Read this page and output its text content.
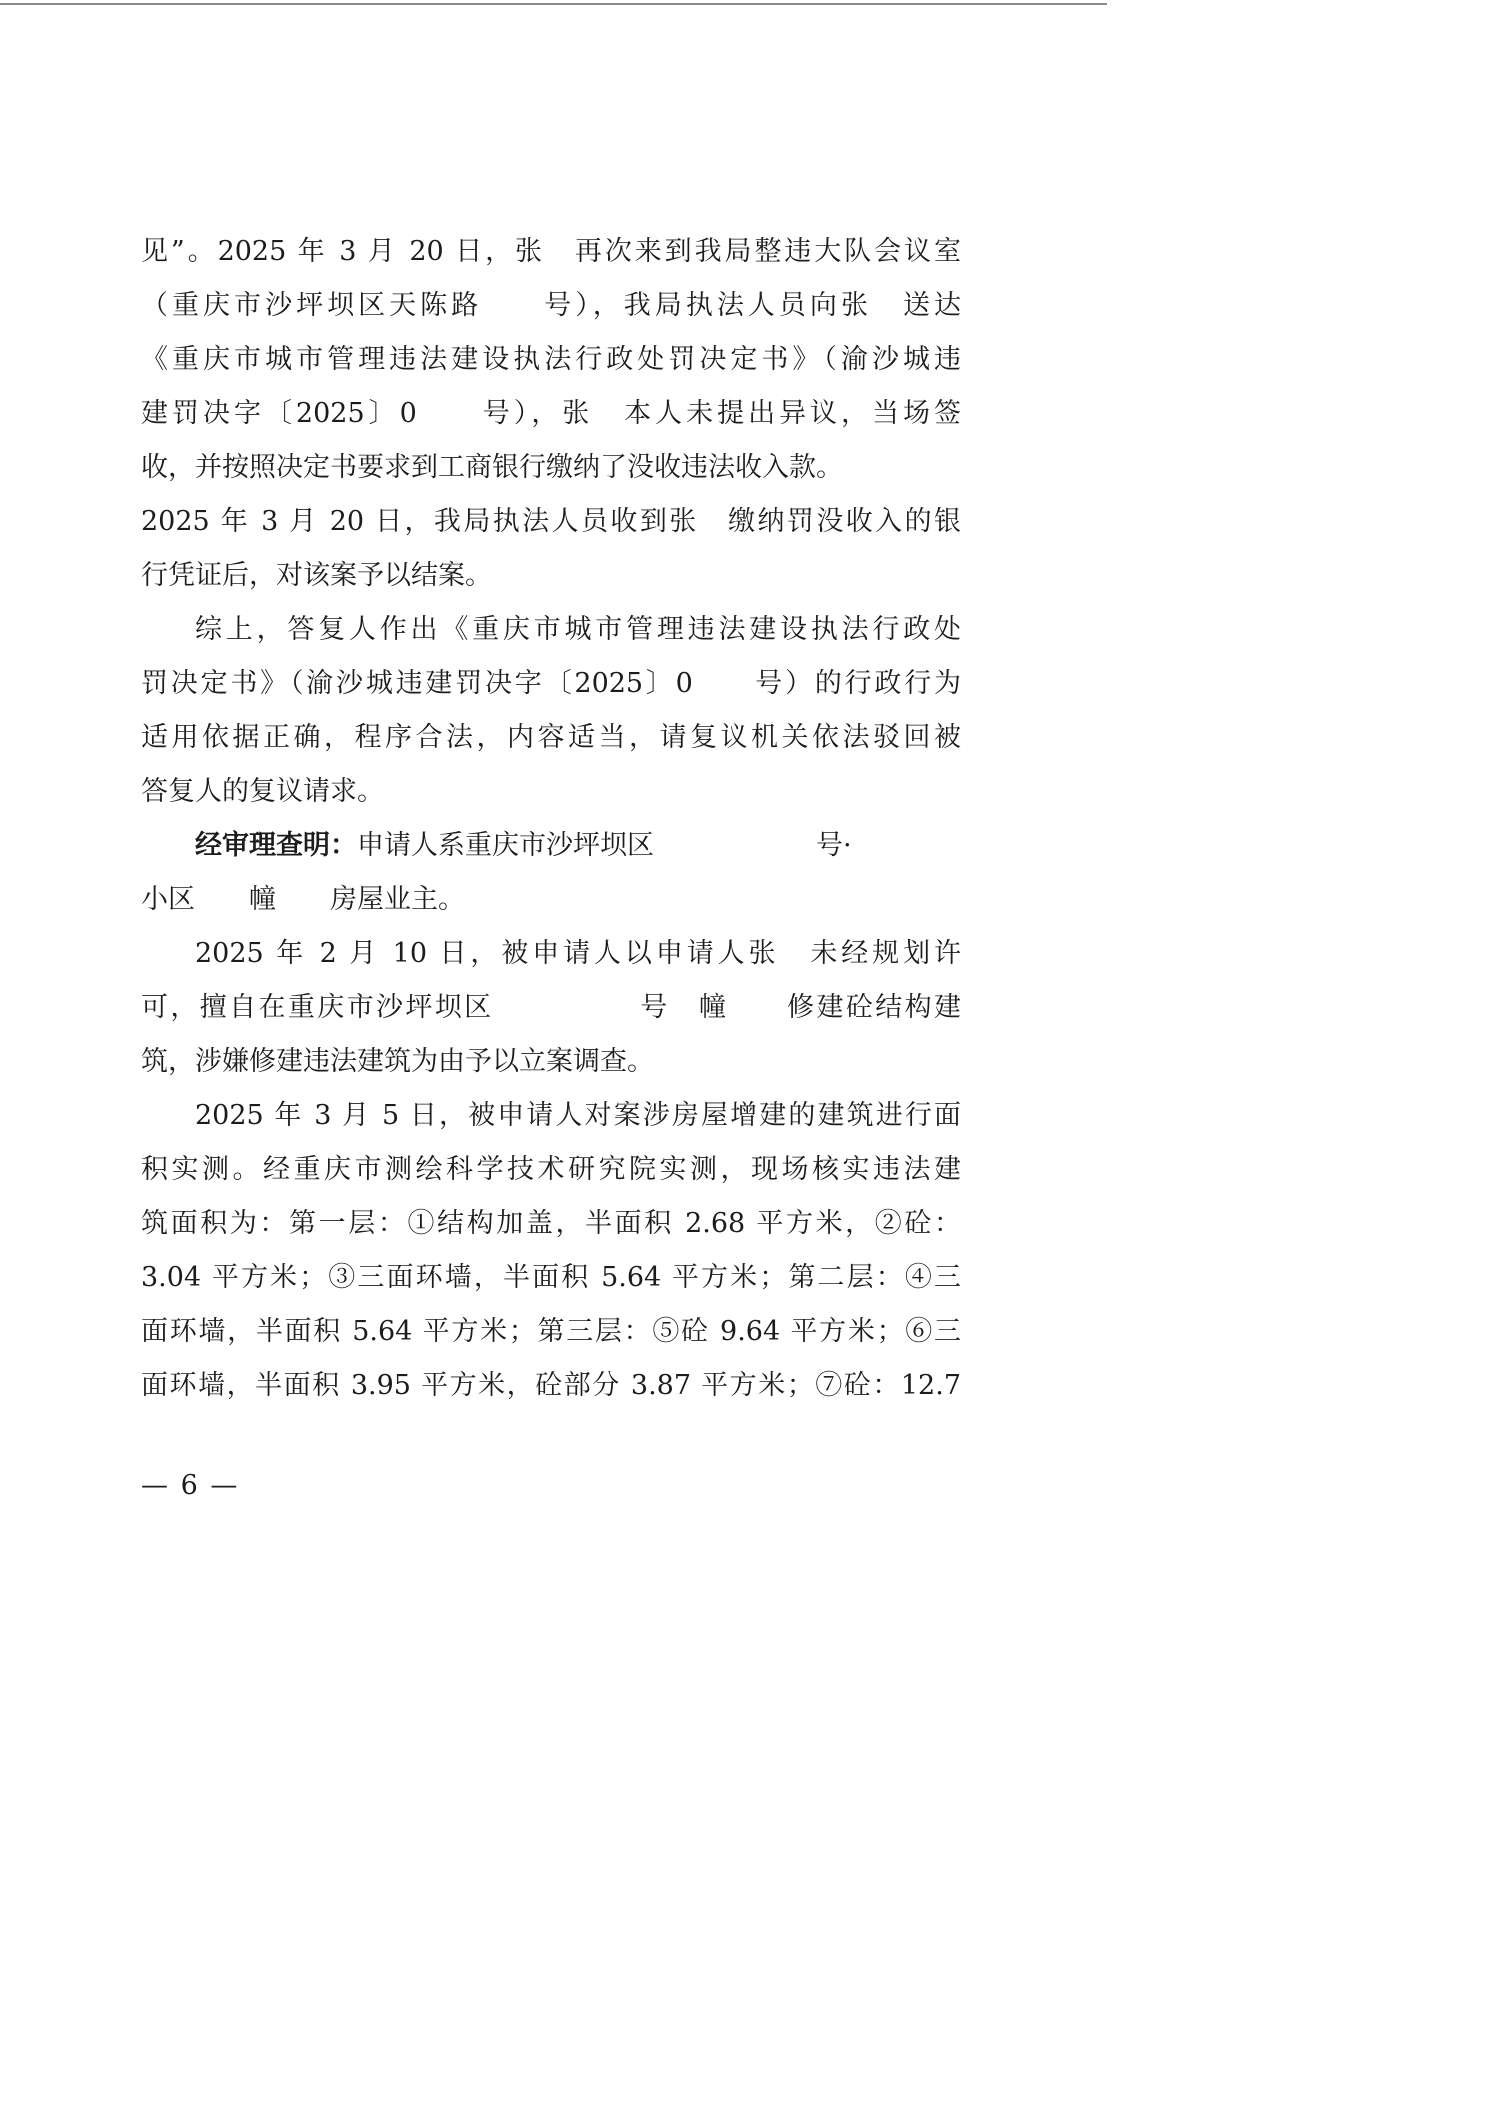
见”。2025 年 3 月 20 日，张　再次来到我局整违大队会议室
（重庆市沙坪坝区天陈路　　号），我局执法人员向张　送达
《重庆市城市管理违法建设执法行政处罚决定书》（渝沙城违
建罚决字〔2025〕0　　号），张　本人未提出异议，当场签
收，并按照决定书要求到工商银行缴纳了没收违法收入款。
2025 年 3 月 20 日，我局执法人员收到张　缴纳罚没收入的银
行凭证后，对该案予以结案。
综上，答复人作出《重庆市城市管理违法建设执法行政处
罚决定书》（渝沙城违建罚决字〔2025〕0　　号）的行政行为
适用依据正确，程序合法，内容适当，请复议机关依法驳回被
答复人的复议请求。
经审理查明：申请人系重庆市沙坪坝区　　　　　　号·
小区　　幢　　房屋业主。
2025 年 2 月 10 日，被申请人以申请人张　未经规划许
可，擅自在重庆市沙坪坝区　　　　　号　幢　　修建砼结构建
筑，涉嫌修建违法建筑为由予以立案调查。
2025 年 3 月 5 日，被申请人对案涉房屋增建的建筑进行面
积实测。经重庆市测绘科学技术研究院实测，现场核实违法建
筑面积为：第一层：①结构加盖，半面积 2.68 平方米，②砼：
3.04 平方米；③三面环墙，半面积 5.64 平方米；第二层：④三
面环墙，半面积 5.64 平方米；第三层：⑤砼 9.64 平方米；⑥三
面环墙，半面积 3.95 平方米，砼部分 3.87 平方米；⑦砼：12.7
— 6 —
